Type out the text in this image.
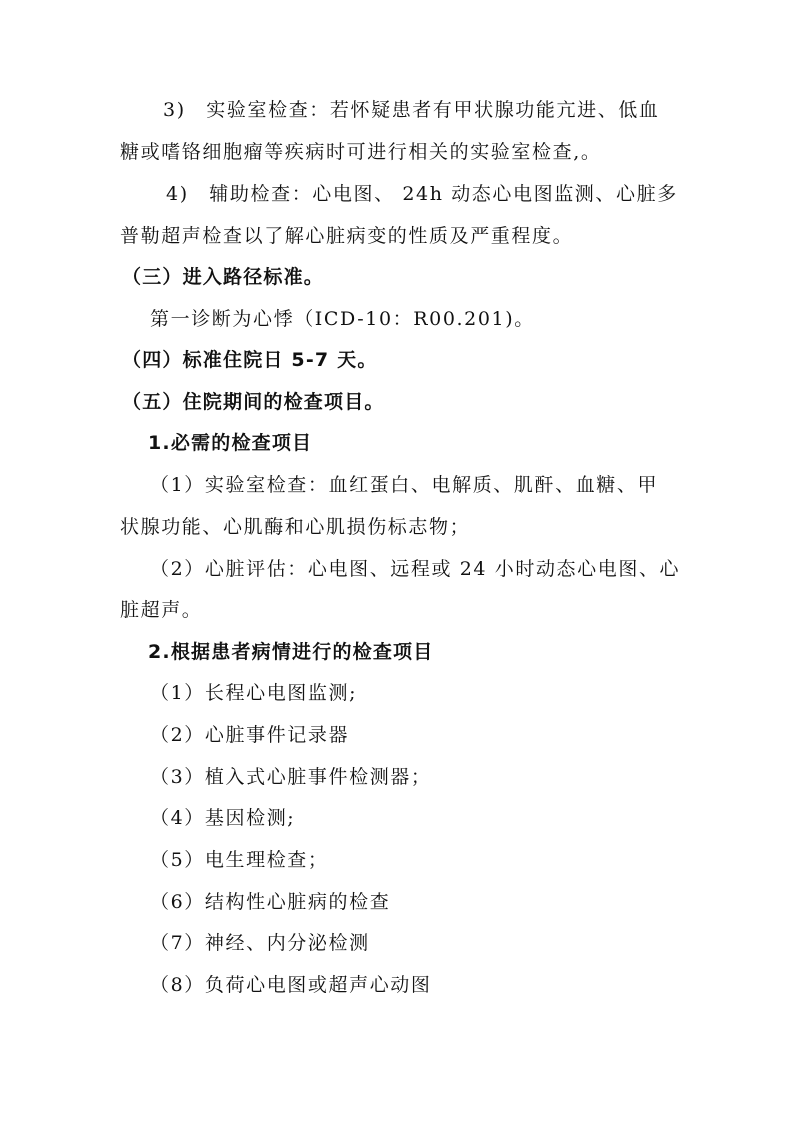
3)　实验室检查：若怀疑患者有甲状腺功能亢进、低血
糖或嗜铬细胞瘤等疾病时可进行相关的实验室检查,。
4)　辅助检查：心电图、 24h 动态心电图监测、心脏多
普勒超声检查以了解心脏病变的性质及严重程度。
（三）进入路径标准。
第一诊断为心悸（ICD-10：R00.201)。
（四）标准住院日 5-7 天。
（五）住院期间的检查项目。
1.必需的检查项目
（1）实验室检查：血红蛋白、电解质、肌酐、血糖、甲
状腺功能、心肌酶和心肌损伤标志物；
（2）心脏评估：心电图、远程或 24 小时动态心电图、心
脏超声。
2.根据患者病情进行的检查项目
（1）长程心电图监测;
（2）心脏事件记录器
（3）植入式心脏事件检测器；
（4）基因检测;
（5）电生理检查；
（6）结构性心脏病的检查
（7）神经、内分泌检测
（8）负荷心电图或超声心动图
